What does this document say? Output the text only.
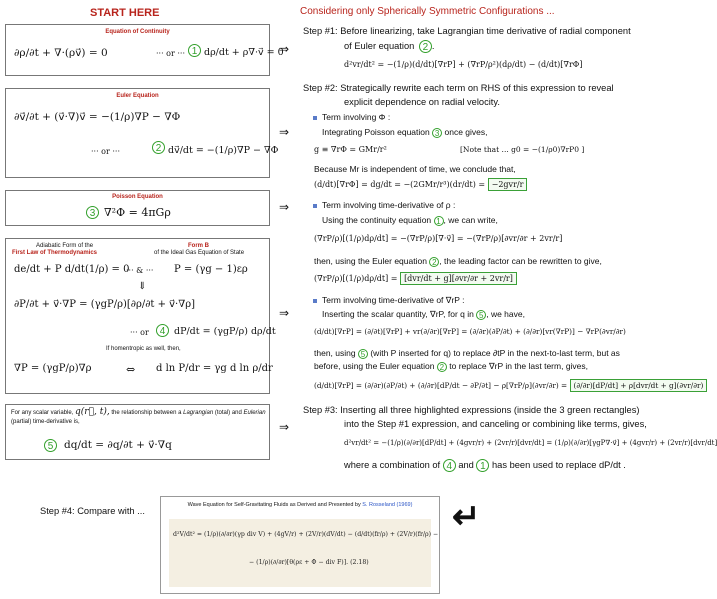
START HERE
Equation of Continuity
∂ρ/∂t + ∇·(ρv⃗) = 0	··· or ··· 1 dρ/dt + ρ∇·v⃗ = 0
⇒
Euler Equation
∂v⃗/∂t + (v⃗·∇)v⃗ = −(1/ρ)∇P − ∇Φ
··· or ···	2 dv⃗/dt = −(1/ρ)∇P − ∇Φ
⇒
Poisson Equation
3 ∇²Φ = 4πGρ	⇒
Adiabatic Form of the
First Law of Thermodynamics
Form B
of the Ideal Gas Equation of State
de/dt + P d/dt(1/ρ) = 0
··· & ··· P = (γg − 1)ερ
⇓
∂P/∂t + v⃗·∇P = (γgP/ρ)[∂ρ/∂t + v⃗·∇ρ]
··· or	4 dP/dt = (γgP/ρ) dρ/dt
If homentropic as well, then,
∇P = (γgP/ρ)∇ρ	⇔ d ln P/dr = γg d ln ρ/dr
⇒
For any scalar variable, q(r⃗, t), the relationship between a Lagrangian (total) and Eulerian (partial) time-derivative is,
5	dq/dt = ∂q/∂t + v⃗·∇q
⇒
Considering only Spherically Symmetric Configurations ...
Step #1: Before linearizing, take Lagrangian time derivative of radial component
of Euler equation 2 .
d²vr/dt² = −(1/ρ)(d/dt)[∇rP] + (∇rP/ρ²)(dρ/dt) − (d/dt)[∇rΦ]
Step #2: Strategically rewrite each term on RHS of this expression to reveal
explicit dependence on radial velocity.
Term involving Φ :
Integrating Poisson equation 3 once gives,
g ≡ ∇rΦ = GMr/r²	[Note that ... g0 = −(1/ρ0)∇rP0 ]
Because Mr is independent of time, we conclude that,
(d/dt)[∇rΦ] = dg/dt = −(2GMr/r³)(dr/dt) = −2gvr/r
Term involving time-derivative of ρ :
Using the continuity equation 1 , we can write,
(∇rP/ρ)[(1/ρ)dρ/dt] = −(∇rP/ρ)[∇·v⃗] = −(∇rP/ρ)[∂vr/∂r + 2vr/r]
then, using the Euler equation 2 , the leading factor can be rewritten to give,
(∇rP/ρ)[(1/ρ)dρ/dt] = [dvr/dt + g][∂vr/∂r + 2vr/r]
Term involving time-derivative of ∇rP :
Inserting the scalar quantity, ∇rP, for q in 5 , we have,
(d/dt)[∇rP] = (∂/∂t)[∇rP] + vr(∂/∂r)[∇rP] = (∂/∂r)(∂P/∂t) + (∂/∂r)[vr(∇rP)] − ∇rP(∂vr/∂r)
then, using 5 (with P inserted for q) to replace ∂tP in the next-to-last term, but as
before, using the Euler equation 2 to replace ∇rP in the last term, gives,
(d/dt)[∇rP] = (∂/∂r)(∂P/∂t) + (∂/∂r)[dP/dt − ∂P/∂t] − ρ[∇rP/ρ](∂vr/∂r) = (∂/∂r)[dP/dt] + ρ[dvr/dt + g](∂vr/∂r)
Step #3: Inserting all three highlighted expressions (inside the 3 green rectangles)
into the Step #1 expression, and canceling or combining like terms, gives,
d²vr/dt² = −(1/ρ)(∂/∂r)[dP/dt] + (4gvr/r) + (2vr/r)[dvr/dt] = (1/ρ)(∂/∂r)[γgP∇·v⃗] + (4gvr/r) + (2vr/r)[dvr/dt]
where a combination of 4 and 1 has been used to replace dP/dt .
Step #4: Compare with ...
Wave Equation for Self-Gravitating Fluids as Derived and Presented by S. Rosseland (1969)
d²V/dt² = (1/ρ)(∂/∂r)(γp div V) + (4gV/r) + (2V/r)(dV/dt) − (d/dt)(fr/ρ) + (2V/r)(fr/ρ) −
− (1/ρ)(∂/∂r)[θ(ρε + Φ − div F)]. (2.18)
↵
